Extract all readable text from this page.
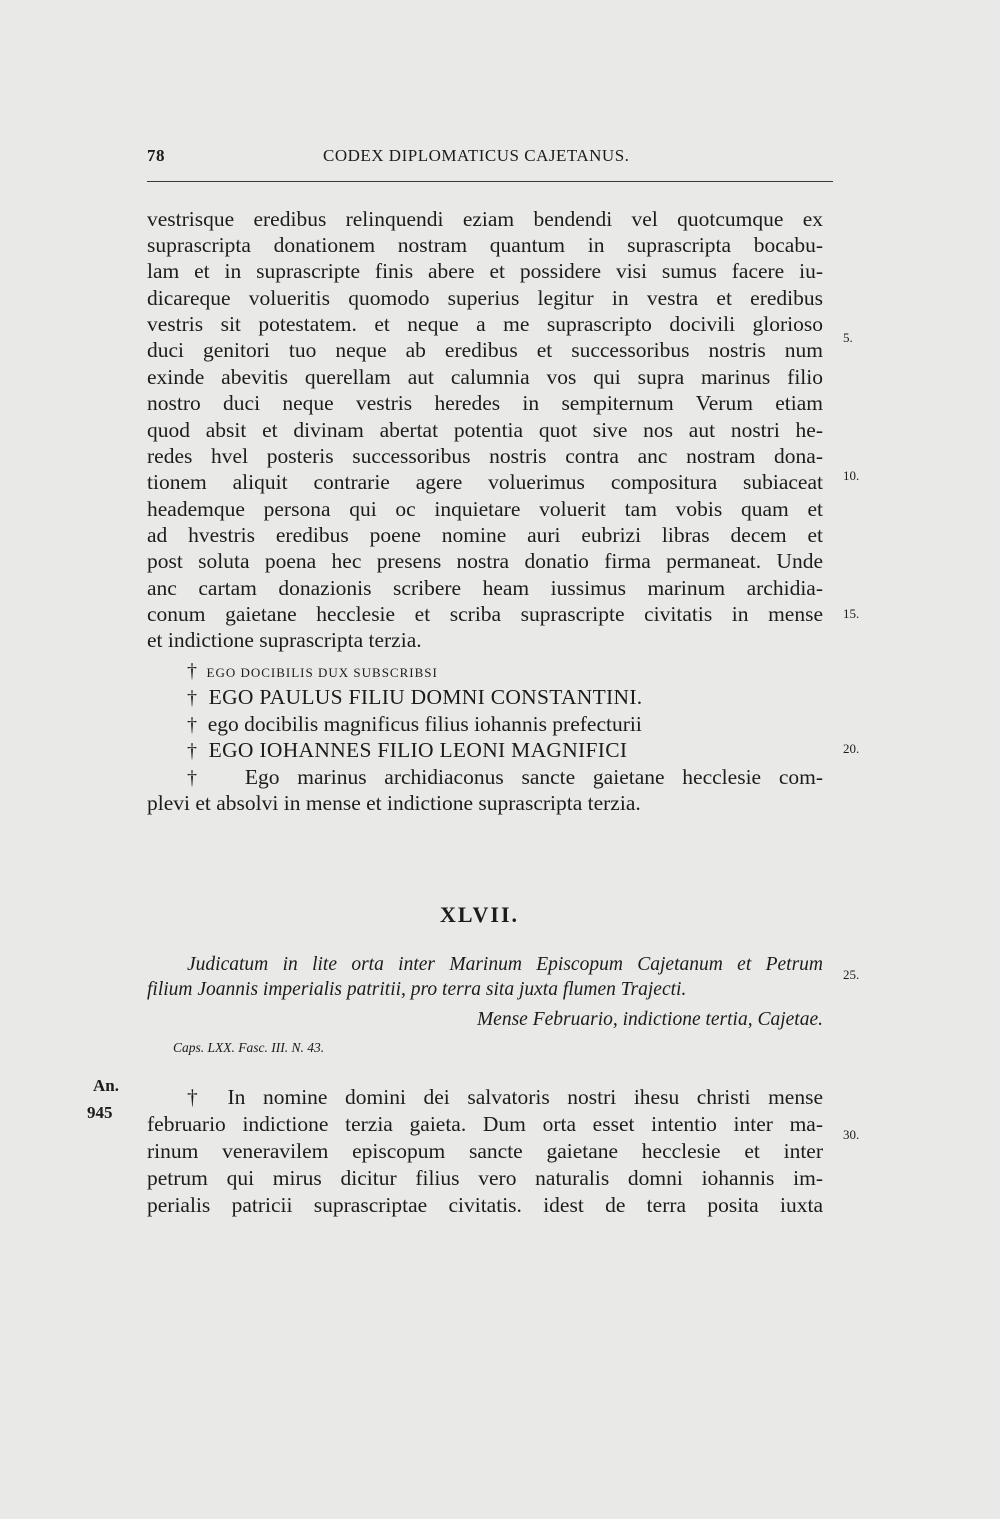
78	CODEX DIPLOMATICUS CAJETANUS.
vestrisque eredibus relinquendi eziam bendendi vel quotcumque ex
suprascripta donationem nostram quantum in suprascripta bocabu-
lam et in suprascripte finis abere et possidere visi sumus facere iu-
dicareque volueritis quomodo superius legitur in vestra et eredibus
vestris sit potestatem. et neque a me suprascripto docivili glorioso
duci genitori tuo neque ab eredibus et successoribus nostris num
exinde abevitis querellam aut calumnia vos qui supra marinus filio
nostro duci neque vestris heredes in sempiternum Verum etiam
quod absit et divinam abertat potentia quot sive nos aut nostri he-
redes hvel posteris successoribus nostris contra anc nostram dona-
tionem aliquit contrarie agere voluerimus compositura subiaceat
heademque persona qui oc inquietare voluerit tam vobis quam et
ad hvestris eredibus poene nomine auri eubrizi libras decem et
post soluta poena hec presens nostra donatio firma permaneat. Unde
anc cartam donazionis scribere heam iussimus marinum archidia-
conum gaietane hecclesie et scriba suprascripte civitatis in mense
et indictione suprascripta terzia.
† EGO DOCIBILIS DUX SUBSCRIBSI
† EGO PAULUS FILIU DOMNI CONSTANTINI.
† ego docibilis magnificus filius iohannis prefecturii
† EGO IOHANNES FILIO LEONI MAGNIFICI
† Ego marinus archidiaconus sancte gaietane hecclesie com-
plevi et absolvi in mense et indictione suprascripta terzia.
5.
10.
15.
20.
25.
30.
XLVII.
Judicatum in lite orta inter Marinum Episcopum Cajetanum et Petrum
filium Joannis imperialis patritii, pro terra sita juxta flumen Trajecti.
Mense Februario, indictione tertia, Cajetae.
Caps. LXX. Fasc. III. N. 43.
An.
945
† In nomine domini dei salvatoris nostri ihesu christi mense
februario indictione terzia gaieta. Dum orta esset intentio inter ma-
rinum veneravilem episcopum sancte gaietane hecclesie et inter
petrum qui mirus dicitur filius vero naturalis domni iohannis im-
perialis patricii suprascriptae civitatis. idest de terra posita iuxta
